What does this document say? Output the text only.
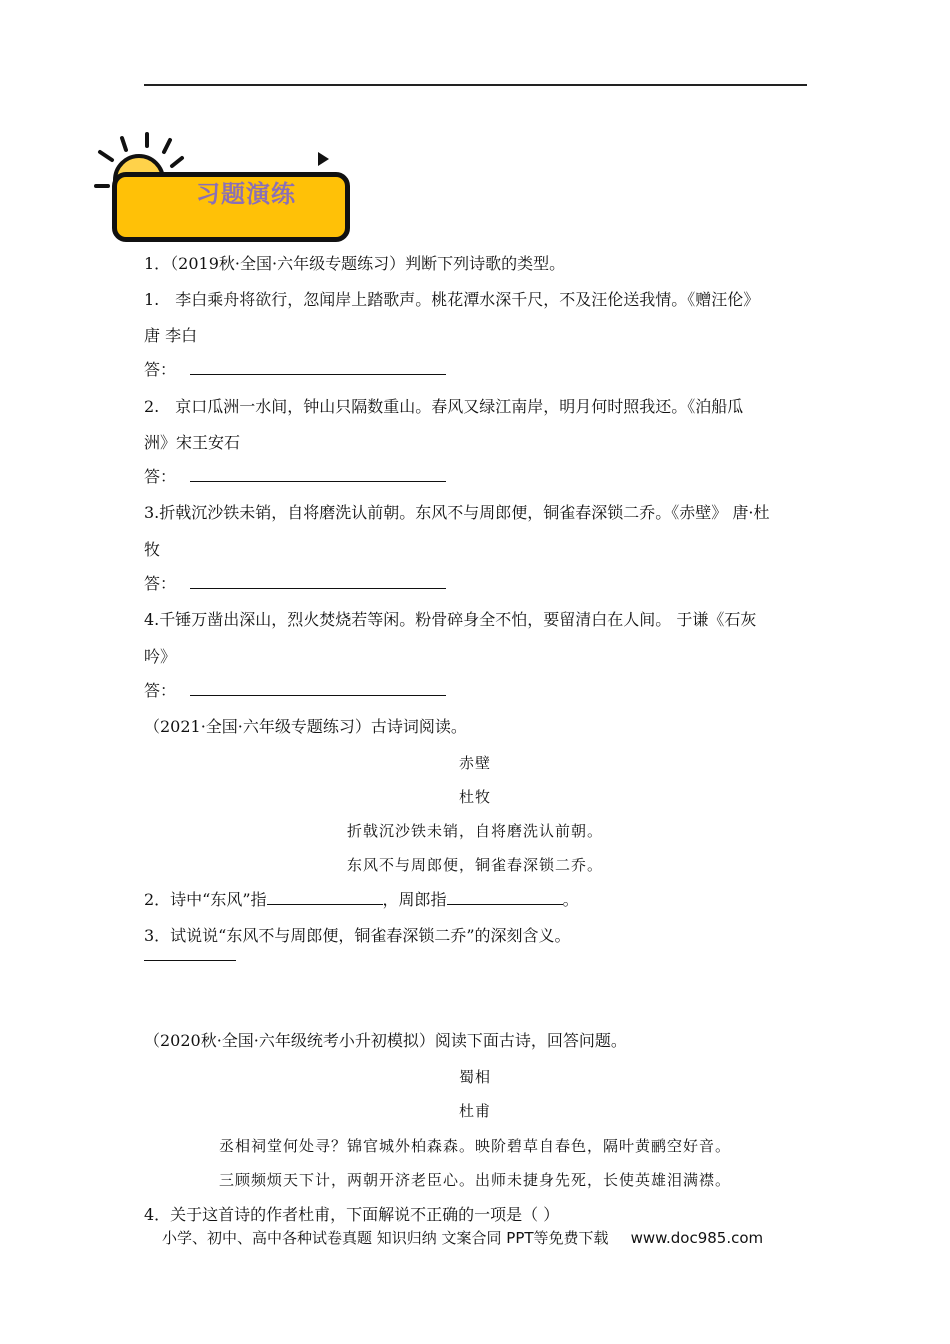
习题演练
1．（2019秋·全国·六年级专题练习）判断下列诗歌的类型。
1.　李白乘舟将欲行，忽闻岸上踏歌声。桃花潭水深千尺，不及汪伦送我情。《赠汪伦》
唐 李白
答：
2.　京口瓜洲一水间，钟山只隔数重山。春风又绿江南岸，明月何时照我还。《泊船瓜
洲》宋王安石
答：
3.折戟沉沙铁未销，自将磨洗认前朝。东风不与周郎便，铜雀春深锁二乔。《赤壁》 唐·杜
牧
答：
4.千锤万凿出深山，烈火焚烧若等闲。粉骨碎身全不怕，要留清白在人间。 于谦《石灰
吟》
答：
（2021·全国·六年级专题练习）古诗词阅读。
赤壁
杜牧
折戟沉沙铁未销，自将磨洗认前朝。
东风不与周郎便，铜雀春深锁二乔。
2．诗中“东风”指	，周郎指	。
3．试说说“东风不与周郎便，铜雀春深锁二乔”的深刻含义。
（2020秋·全国·六年级统考小升初模拟）阅读下面古诗，回答问题。
蜀相
杜甫
丞相祠堂何处寻？锦官城外柏森森。映阶碧草自春色，隔叶黄鹂空好音。
三顾频烦天下计，两朝开济老臣心。出师未捷身先死，长使英雄泪满襟。
4．关于这首诗的作者杜甫，下面解说不正确的一项是（ ）
小学、初中、高中各种试卷真题 知识归纳 文案合同 PPT等免费下载 www.doc985.com
